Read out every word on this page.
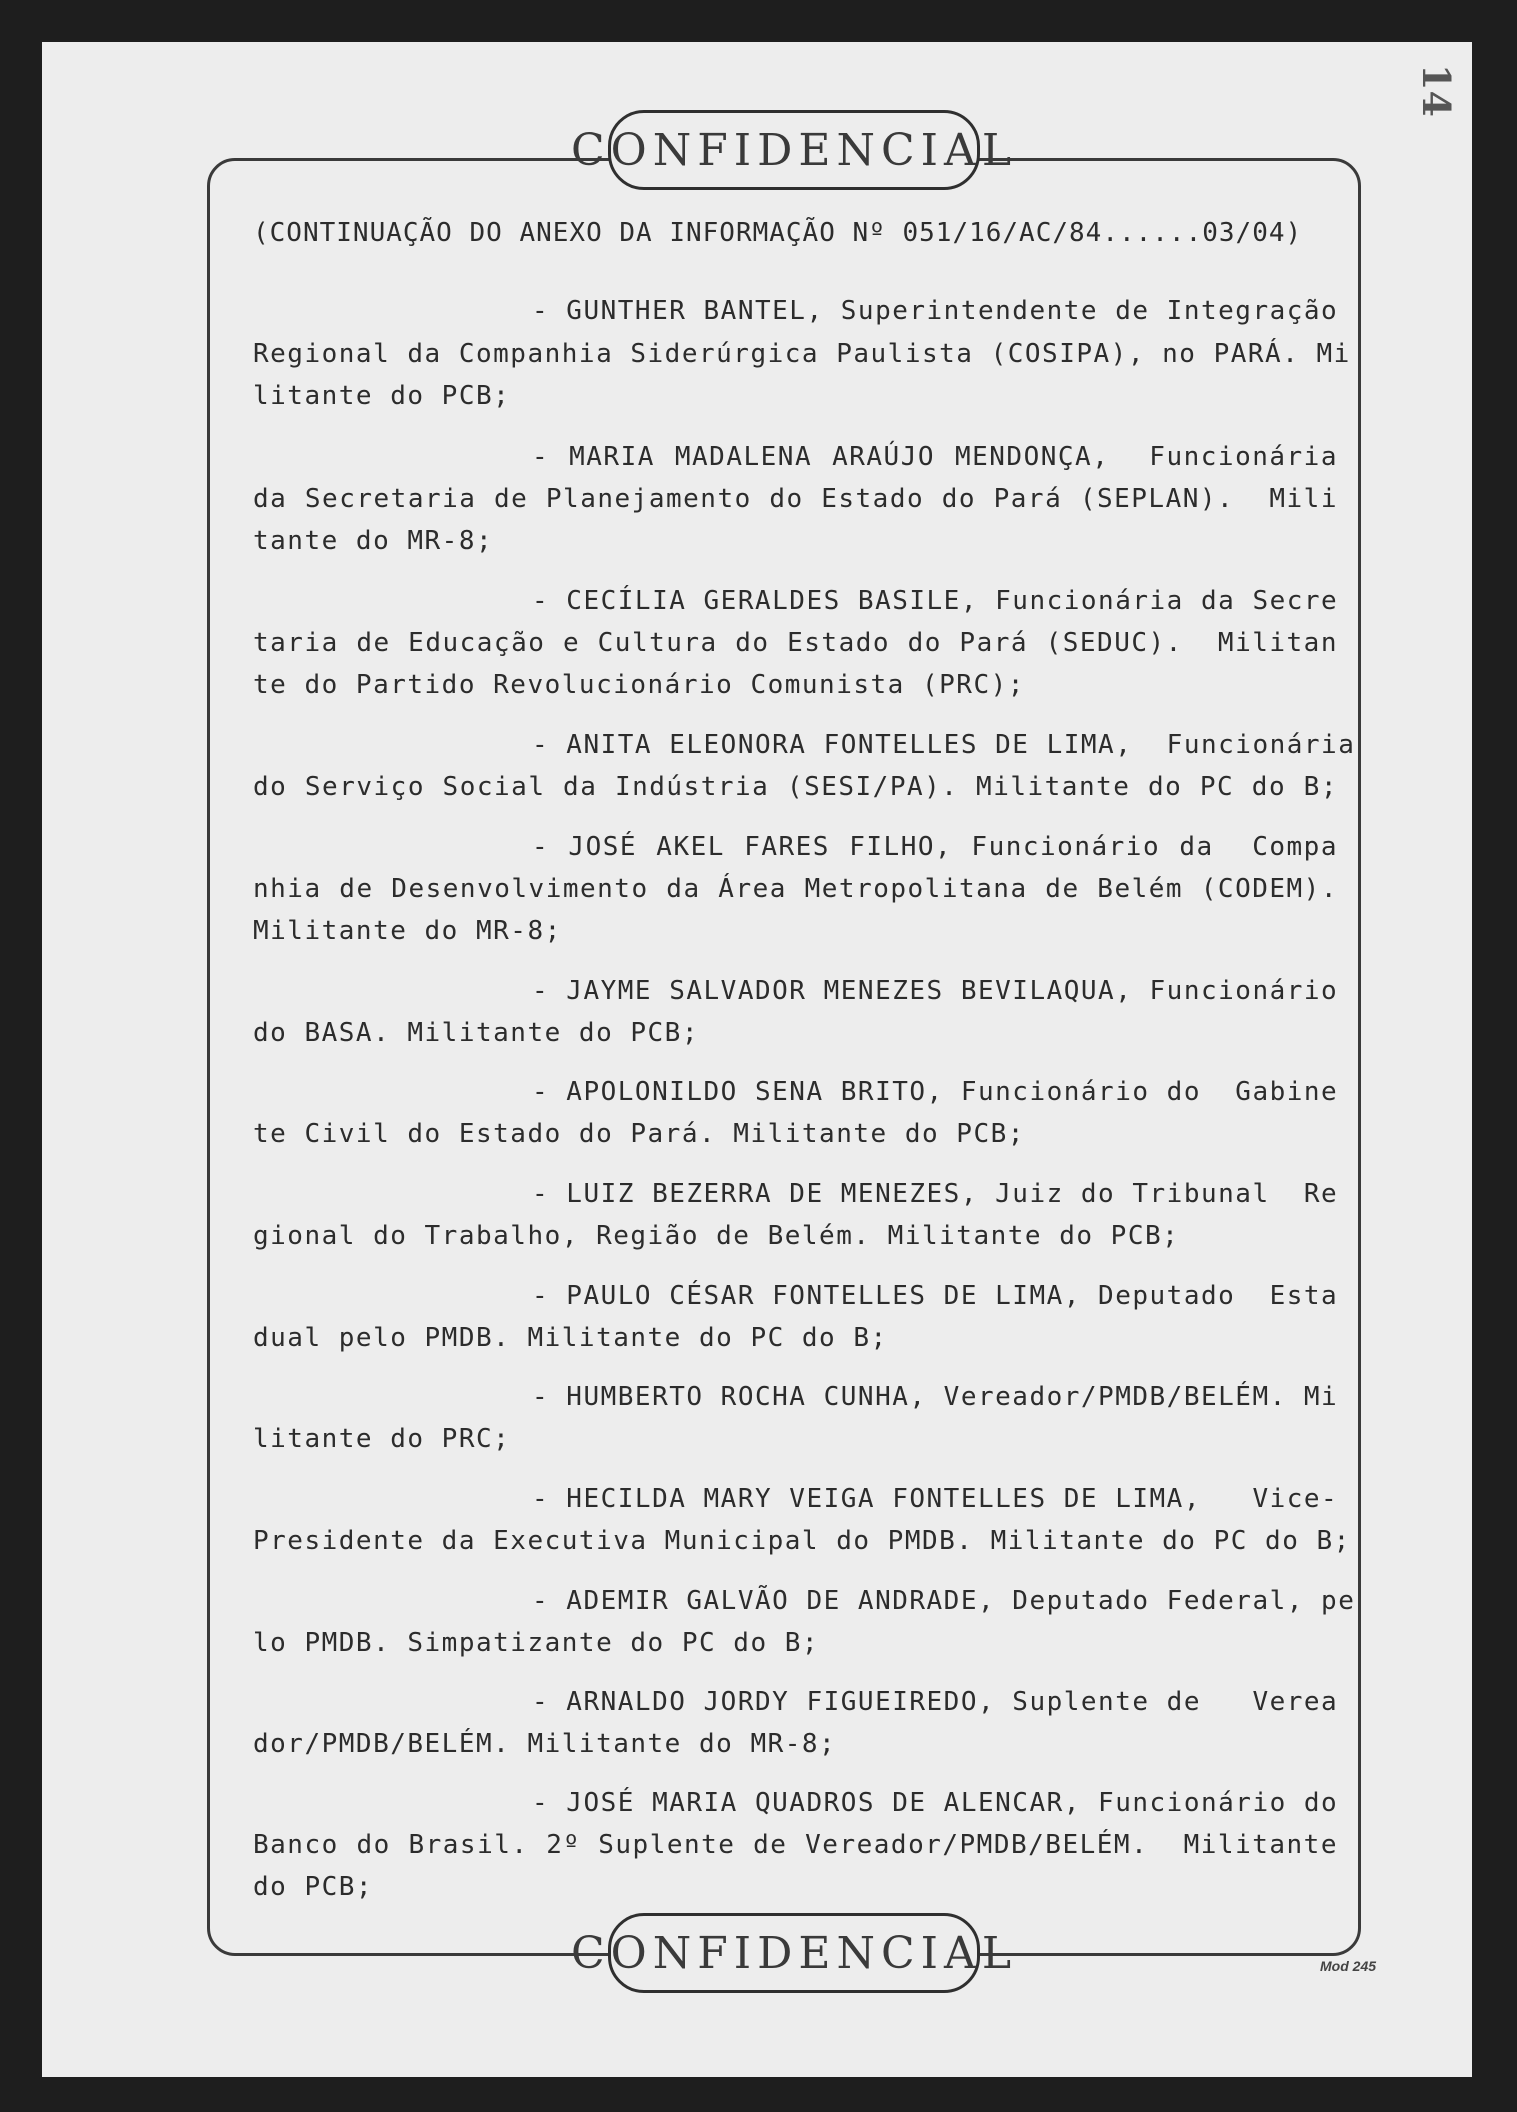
CONFIDENCIAL
14
(CONTINUAÇÃO DO ANEXO DA INFORMAÇÃO Nº 051/16/AC/84......03/04)
- GUNTHER BANTEL, Superintendente de Integração
Regional da Companhia Siderúrgica Paulista (COSIPA), no PARÁ. Mi
litante do PCB;
- MARIA MADALENA ARAÚJO MENDONÇA,  Funcionária
da Secretaria de Planejamento do Estado do Pará (SEPLAN).  Mili
tante do MR-8;
- CECÍLIA GERALDES BASILE, Funcionária da Secre
taria de Educação e Cultura do Estado do Pará (SEDUC).  Militan
te do Partido Revolucionário Comunista (PRC);
- ANITA ELEONORA FONTELLES DE LIMA,  Funcionária
do Serviço Social da Indústria (SESI/PA). Militante do PC do B;
- JOSÉ AKEL FARES FILHO, Funcionário da  Compa
nhia de Desenvolvimento da Área Metropolitana de Belém (CODEM).
Militante do MR-8;
- JAYME SALVADOR MENEZES BEVILAQUA, Funcionário
do BASA. Militante do PCB;
- APOLONILDO SENA BRITO, Funcionário do  Gabine
te Civil do Estado do Pará. Militante do PCB;
- LUIZ BEZERRA DE MENEZES, Juiz do Tribunal  Re
gional do Trabalho, Região de Belém. Militante do PCB;
- PAULO CÉSAR FONTELLES DE LIMA, Deputado  Esta
dual pelo PMDB. Militante do PC do B;
- HUMBERTO ROCHA CUNHA, Vereador/PMDB/BELÉM. Mi
litante do PRC;
- HECILDA MARY VEIGA FONTELLES DE LIMA,   Vice-
Presidente da Executiva Municipal do PMDB. Militante do PC do B;
- ADEMIR GALVÃO DE ANDRADE, Deputado Federal, pe
lo PMDB. Simpatizante do PC do B;
- ARNALDO JORDY FIGUEIREDO, Suplente de   Verea
dor/PMDB/BELÉM. Militante do MR-8;
- JOSÉ MARIA QUADROS DE ALENCAR, Funcionário do
Banco do Brasil. 2º Suplente de Vereador/PMDB/BELÉM.  Militante
do PCB;
CONFIDENCIAL	Mod 245
